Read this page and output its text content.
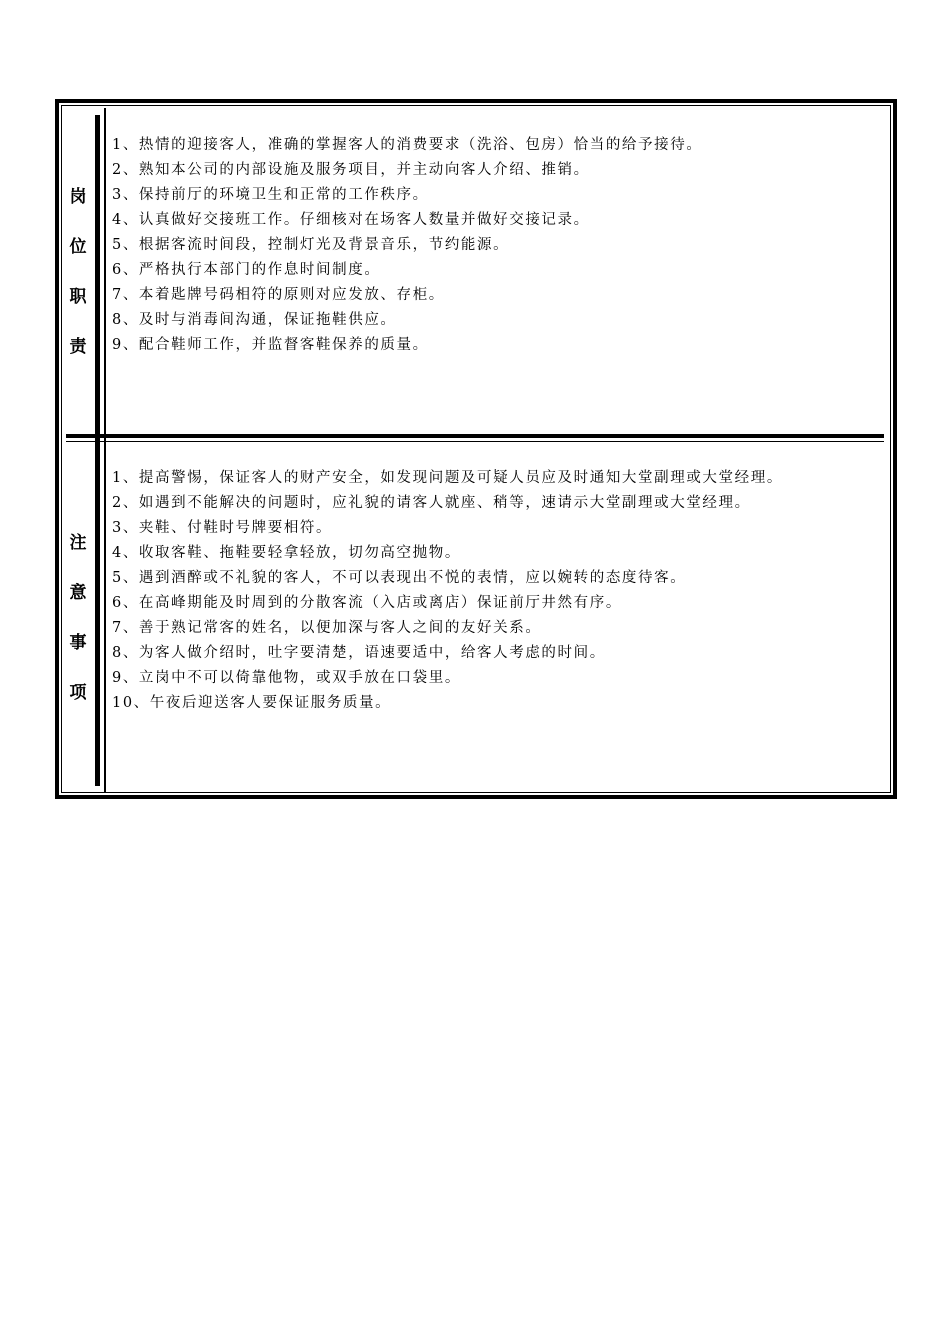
岗
位
职
责
1、热情的迎接客人，准确的掌握客人的消费要求（洗浴、包房）恰当的给予接待。
2、熟知本公司的内部设施及服务项目，并主动向客人介绍、推销。
3、保持前厅的环境卫生和正常的工作秩序。
4、认真做好交接班工作。仔细核对在场客人数量并做好交接记录。
5、根据客流时间段，控制灯光及背景音乐，节约能源。
6、严格执行本部门的作息时间制度。
7、本着匙牌号码相符的原则对应发放、存柜。
8、及时与消毒间沟通，保证拖鞋供应。
9、配合鞋师工作，并监督客鞋保养的质量。
注
意
事
项
1、提高警惕，保证客人的财产安全，如发现问题及可疑人员应及时通知大堂副理或大堂经理。
2、如遇到不能解决的问题时，应礼貌的请客人就座、稍等，速请示大堂副理或大堂经理。
3、夹鞋、付鞋时号牌要相符。
4、收取客鞋、拖鞋要轻拿轻放，切勿高空抛物。
5、遇到酒醉或不礼貌的客人，不可以表现出不悦的表情，应以婉转的态度待客。
6、在高峰期能及时周到的分散客流（入店或离店）保证前厅井然有序。
7、善于熟记常客的姓名，以便加深与客人之间的友好关系。
8、为客人做介绍时，吐字要清楚，语速要适中，给客人考虑的时间。
9、立岗中不可以倚靠他物，或双手放在口袋里。
10、午夜后迎送客人要保证服务质量。
